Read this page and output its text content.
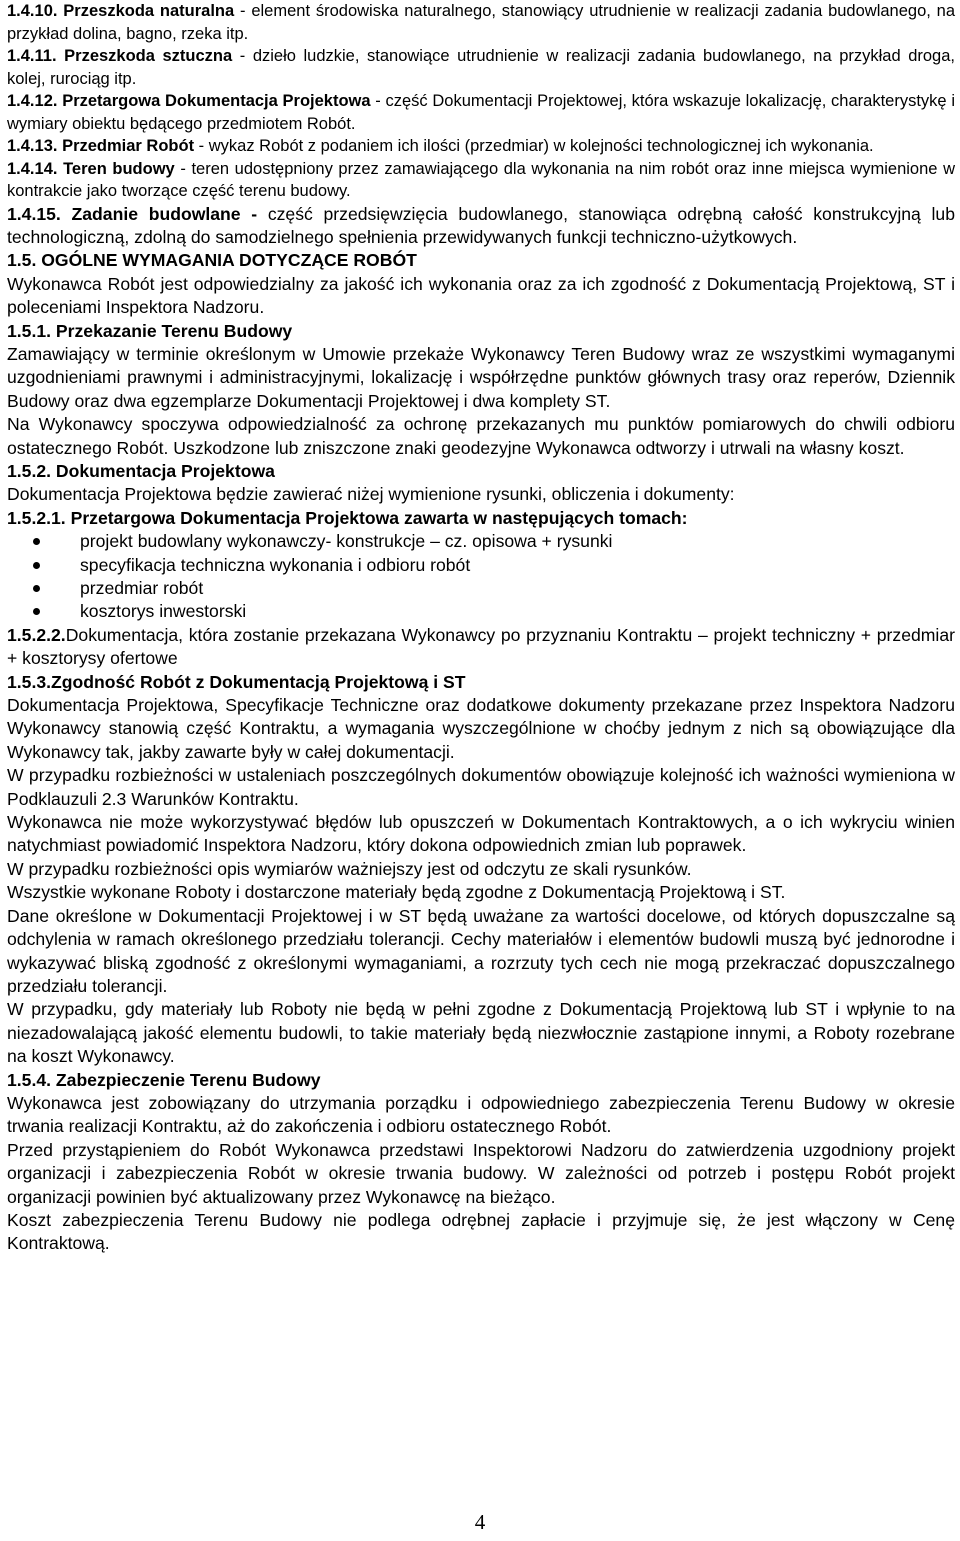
1.4.10. Przeszkoda naturalna - element środowiska naturalnego, stanowiący utrudnienie w realizacji zadania budowlanego, na przykład dolina, bagno, rzeka itp.

1.4.11. Przeszkoda sztuczna - dzieło ludzkie, stanowiące utrudnienie w realizacji zadania budowlanego, na przykład droga, kolej, rurociąg itp.

1.4.12. Przetargowa Dokumentacja Projektowa - część Dokumentacji Projektowej, która wskazuje lokalizację, charakterystykę i wymiary obiektu będącego przedmiotem Robót.

1.4.13. Przedmiar Robót - wykaz Robót z podaniem ich ilości (przedmiar) w kolejności technologicznej ich wykonania.

1.4.14. Teren budowy - teren udostępniony przez zamawiającego dla wykonania na nim robót oraz inne miejsca wymienione w kontrakcie jako tworzące część terenu budowy.

1.4.15. Zadanie budowlane - część przedsięwzięcia budowlanego, stanowiąca odrębną całość konstrukcyjną lub technologiczną, zdolną do samodzielnego spełnienia przewidywanych funkcji techniczno-użytkowych.

1.5. OGÓLNE WYMAGANIA DOTYCZĄCE ROBÓT

Wykonawca Robót jest odpowiedzialny za jakość ich wykonania oraz za ich zgodność z Dokumentacją Projektową, ST i poleceniami Inspektora Nadzoru.

1.5.1. Przekazanie Terenu Budowy

Zamawiający w terminie określonym w Umowie przekaże Wykonawcy Teren Budowy wraz ze wszystkimi wymaganymi uzgodnieniami prawnymi i administracyjnymi, lokalizację i współrzędne punktów głównych trasy oraz reperów, Dziennik Budowy oraz dwa egzemplarze Dokumentacji Projektowej i dwa komplety ST.

Na Wykonawcy spoczywa odpowiedzialność za ochronę przekazanych mu punktów pomiarowych do chwili odbioru ostatecznego Robót. Uszkodzone lub zniszczone znaki geodezyjne Wykonawca odtworzy i utrwali na własny koszt.

1.5.2. Dokumentacja Projektowa

Dokumentacja Projektowa będzie zawierać niżej wymienione rysunki, obliczenia i dokumenty:

1.5.2.1. Przetargowa Dokumentacja Projektowa zawarta w następujących tomach:

projekt budowlany wykonawczy- konstrukcje – cz. opisowa + rysunki
specyfikacja techniczna wykonania i odbioru robót
przedmiar robót
kosztorys inwestorski

1.5.2.2.Dokumentacja, która zostanie przekazana Wykonawcy po przyznaniu Kontraktu – projekt techniczny + przedmiar + kosztorysy ofertowe

1.5.3.Zgodność Robót z Dokumentacją Projektową i ST

Dokumentacja Projektowa, Specyfikacje Techniczne oraz dodatkowe dokumenty przekazane przez Inspektora Nadzoru Wykonawcy stanowią część Kontraktu, a wymagania wyszczególnione w choćby jednym z nich są obowiązujące dla Wykonawcy tak, jakby zawarte były w całej dokumentacji.

W przypadku rozbieżności w ustaleniach poszczególnych dokumentów obowiązuje kolejność ich ważności wymieniona w Podklauzuli 2.3 Warunków Kontraktu.

Wykonawca nie może wykorzystywać błędów lub opuszczeń w Dokumentach Kontraktowych, a o ich wykryciu winien natychmiast powiadomić Inspektora Nadzoru, który dokona odpowiednich zmian lub poprawek.

W przypadku rozbieżności opis wymiarów ważniejszy jest od odczytu ze skali rysunków.

Wszystkie wykonane Roboty i dostarczone materiały będą zgodne z Dokumentacją Projektową i ST.

Dane określone w Dokumentacji Projektowej i w ST będą uważane za wartości docelowe, od których dopuszczalne są odchylenia w ramach określonego przedziału tolerancji. Cechy materiałów i elementów budowli muszą być jednorodne i wykazywać bliską zgodność z określonymi wymaganiami, a rozrzuty tych cech nie mogą przekraczać dopuszczalnego przedziału tolerancji.

W przypadku, gdy materiały lub Roboty nie będą w pełni zgodne z Dokumentacją Projektową lub ST i wpłynie to na niezadowalającą jakość elementu budowli, to takie materiały będą niezwłocznie zastąpione innymi, a Roboty rozebrane na koszt Wykonawcy.

1.5.4. Zabezpieczenie Terenu Budowy

Wykonawca jest zobowiązany do utrzymania porządku i odpowiedniego zabezpieczenia Terenu Budowy w okresie trwania realizacji Kontraktu, aż do zakończenia i odbioru ostatecznego Robót.

Przed przystąpieniem do Robót Wykonawca przedstawi Inspektorowi Nadzoru do zatwierdzenia uzgodniony projekt organizacji i zabezpieczenia Robót w okresie trwania budowy. W zależności od potrzeb i postępu Robót projekt organizacji powinien być aktualizowany przez Wykonawcę na bieżąco.

Koszt zabezpieczenia Terenu Budowy nie podlega odrębnej zapłacie i przyjmuje się, że jest włączony w Cenę Kontraktową.

4
